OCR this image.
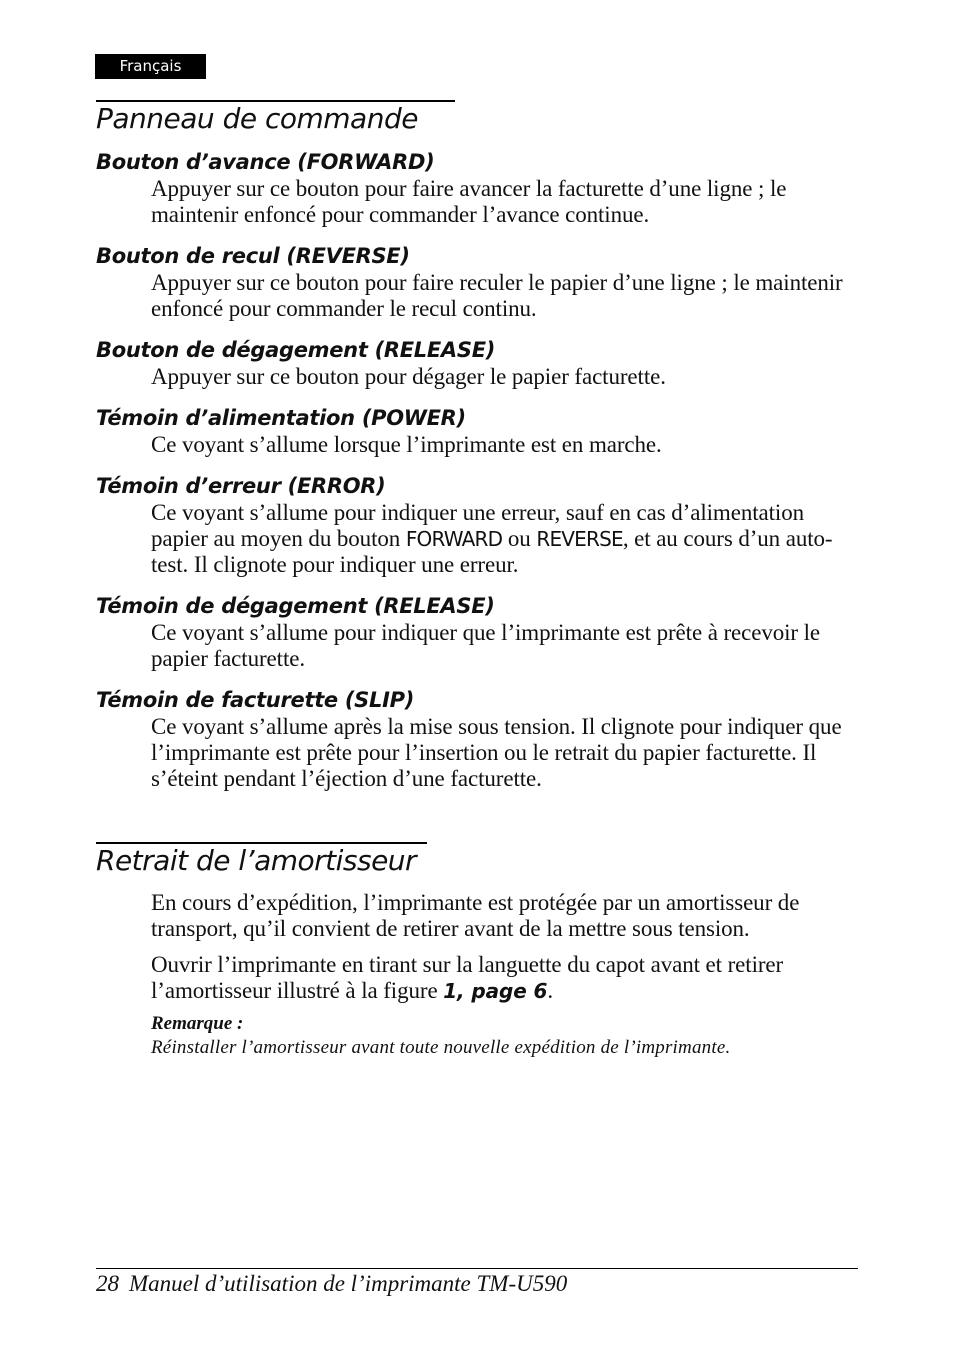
Français
Panneau de commande
Bouton d’avance (FORWARD)

Appuyer sur ce bouton pour faire avancer la facturette d’une ligne ; le maintenir enfoncé pour commander l’avance continue.

Bouton de recul (REVERSE)

Appuyer sur ce bouton pour faire reculer le papier d’une ligne ; le maintenir enfoncé pour commander le recul continu.

Bouton de dégagement (RELEASE)

Appuyer sur ce bouton pour dégager le papier facturette.

Témoin d’alimentation (POWER)

Ce voyant s’allume lorsque l’imprimante est en marche.

Témoin d’erreur (ERROR)

Ce voyant s’allume pour indiquer une erreur, sauf en cas d’alimentation papier au moyen du bouton FORWARD ou REVERSE, et au cours d’un auto-test. Il clignote pour indiquer une erreur.

Témoin de dégagement (RELEASE)

Ce voyant s’allume pour indiquer que l’imprimante est prête à recevoir le papier facturette.

Témoin de facturette (SLIP)

Ce voyant s’allume après la mise sous tension. Il clignote pour indiquer que l’imprimante est prête pour l’insertion ou le retrait du papier facturette. Il s’éteint pendant l’éjection d’une facturette.

Retrait de l’amortisseur

En cours d’expédition, l’imprimante est protégée par un amortisseur de transport, qu’il convient de retirer avant de la mettre sous tension.

Ouvrir l’imprimante en tirant sur la languette du capot avant et retirer l’amortisseur illustré à la figure 1, page 6.

Remarque :
Réinstaller l’amortisseur avant toute nouvelle expédition de l’imprimante.
28 Manuel d’utilisation de l’imprimante TM-U590
